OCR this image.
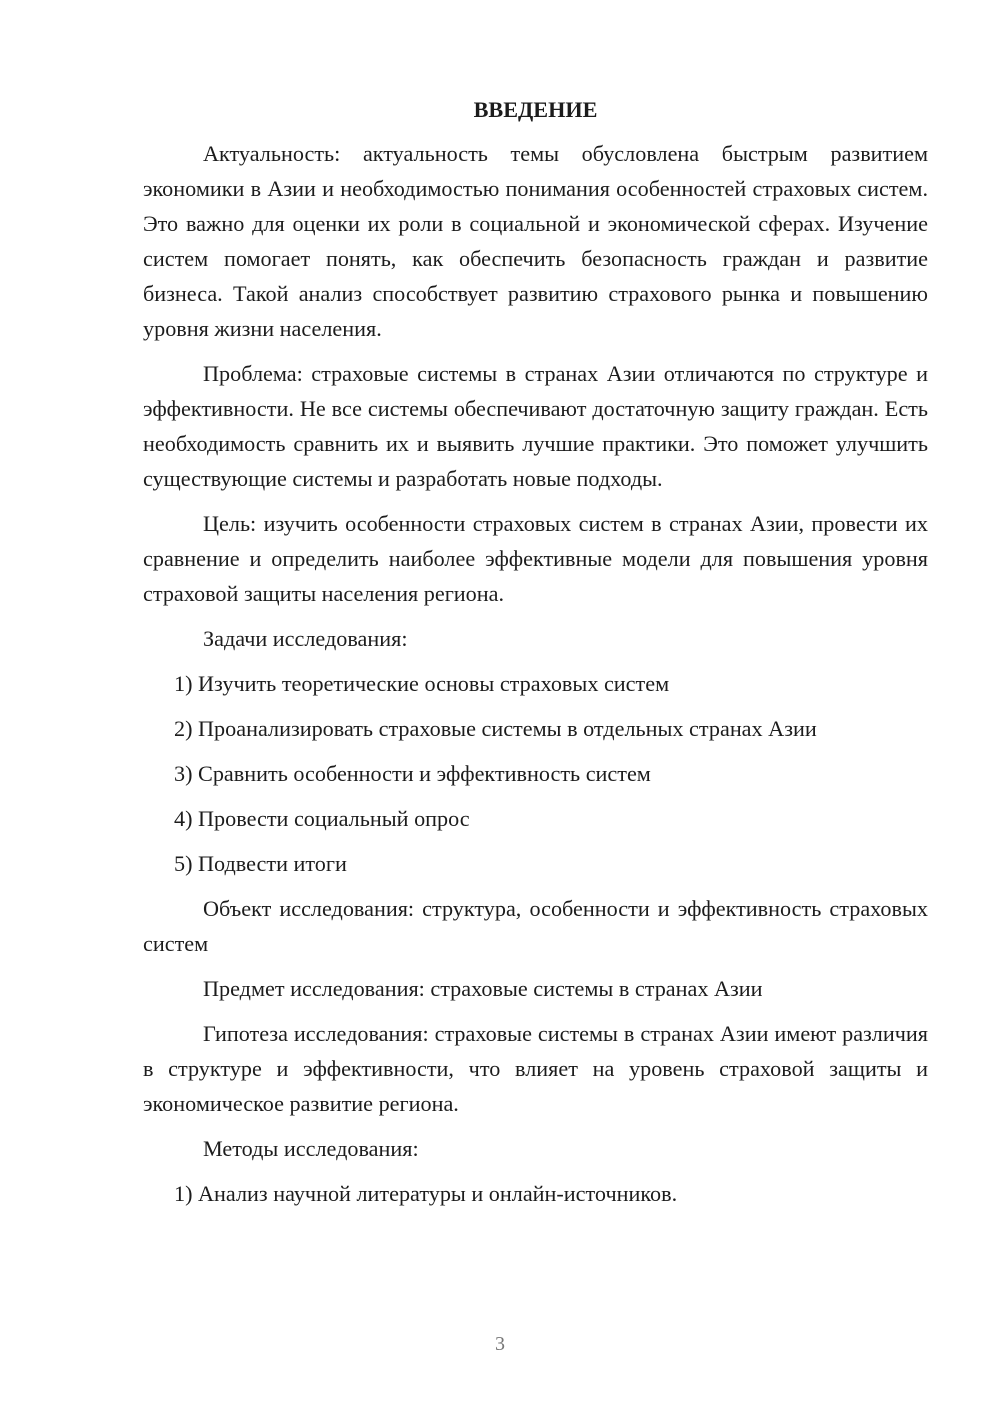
ВВЕДЕНИЕ
Актуальность: актуальность темы обусловлена быстрым развитием экономики в Азии и необходимостью понимания особенностей страховых систем. Это важно для оценки их роли в социальной и экономической сферах. Изучение систем помогает понять, как обеспечить безопасность граждан и развитие бизнеса. Такой анализ способствует развитию страхового рынка и повышению уровня жизни населения.
Проблема: страховые системы в странах Азии отличаются по структуре и эффективности. Не все системы обеспечивают достаточную защиту граждан. Есть необходимость сравнить их и выявить лучшие практики. Это поможет улучшить существующие системы и разработать новые подходы.
Цель: изучить особенности страховых систем в странах Азии, провести их сравнение и определить наиболее эффективные модели для повышения уровня страховой защиты населения региона.
Задачи исследования:
1) Изучить теоретические основы страховых систем
2) Проанализировать страховые системы в отдельных странах Азии
3) Сравнить особенности и эффективность систем
4) Провести социальный опрос
5) Подвести итоги
Объект исследования: структура, особенности и эффективность страховых систем
Предмет исследования: страховые системы в странах Азии
Гипотеза исследования: страховые системы в странах Азии имеют различия в структуре и эффективности, что влияет на уровень страховой защиты и экономическое развитие региона.
Методы исследования:
1) Анализ научной литературы и онлайн-источников.
3
